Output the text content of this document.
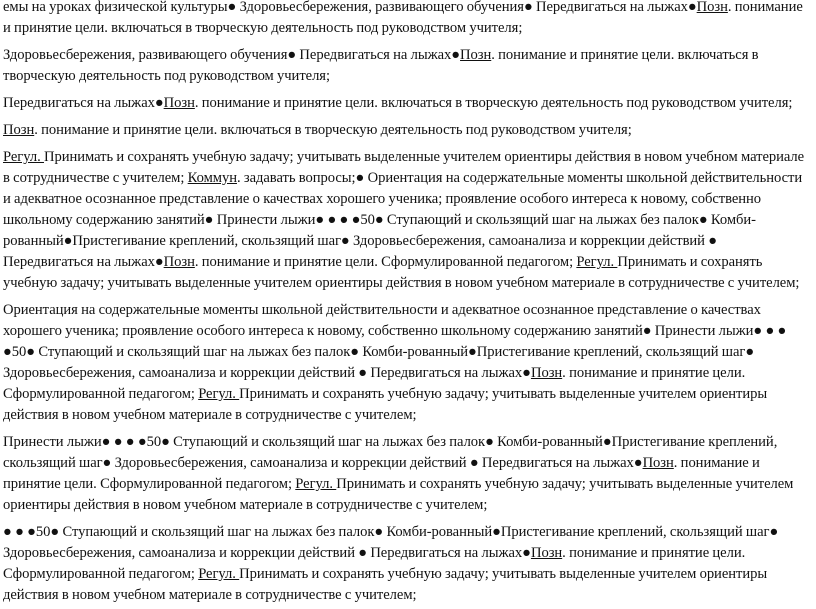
емы на уроках физической культуры● Здоровьесбережения, развивающего обучения● Передвигаться на лыжах●Позн. понимание и принятие цели. включаться в творческую деятельность под руководством учителя;

Здоровьесбережения, развивающего обучения● Передвигаться на лыжах●Позн. понимание и принятие цели. включаться в творческую деятельность под руководством учителя;

Передвигаться на лыжах●Позн. понимание и принятие цели. включаться в творческую деятельность под руководством учителя;

Позн. понимание и принятие цели. включаться в творческую деятельность под руководством учителя;

Регул. Принимать и сохранять учебную задачу; учитывать выделенные учителем ориентиры действия в новом учебном материале в сотрудничестве с учителем; Коммун. задавать вопросы;● Ориентация на содержательные моменты школьной действительности и адекватное осознанное представление о качествах хорошего ученика; проявление особого интереса к новому, собственно школьному содержанию занятий● Принести лыжи● ● ● ●50● Ступающий и скользящий шаг на лыжах без палок● Комби-рованный●Пристегивание креплений, скользящий шаг● Здоровьесбережения, самоанализа и коррекции действий ● Передвигаться на лыжах●Позн. понимание и принятие цели. Сформулированной педагогом; Регул. Принимать и сохранять учебную задачу; учитывать выделенные учителем ориентиры действия в новом учебном материале в сотрудничестве с учителем;

Ориентация на содержательные моменты школьной действительности и адекватное осознанное представление о качествах хорошего ученика; проявление особого интереса к новому, собственно школьному содержанию занятий● Принести лыжи● ● ● ●50● Ступающий и скользящий шаг на лыжах без палок● Комби-рованный●Пристегивание креплений, скользящий шаг● Здоровьесбережения, самоанализа и коррекции действий ● Передвигаться на лыжах●Позн. понимание и принятие цели. Сформулированной педагогом; Регул. Принимать и сохранять учебную задачу; учитывать выделенные учителем ориентиры действия в новом учебном материале в сотрудничестве с учителем;

Принести лыжи● ● ● ●50● Ступающий и скользящий шаг на лыжах без палок● Комби-рованный●Пристегивание креплений, скользящий шаг● Здоровьесбережения, самоанализа и коррекции действий ● Передвигаться на лыжах●Позн. понимание и принятие цели. Сформулированной педагогом; Регул. Принимать и сохранять учебную задачу; учитывать выделенные учителем ориентиры действия в новом учебном материале в сотрудничестве с учителем;

● ● ●50● Ступающий и скользящий шаг на лыжах без палок● Комби-рованный●Пристегивание креплений, скользящий шаг● Здоровьесбережения, самоанализа и коррекции действий ● Передвигаться на лыжах●Позн. понимание и принятие цели. Сформулированной педагогом; Регул. Принимать и сохранять учебную задачу; учитывать выделенные учителем ориентиры действия в новом учебном материале в сотрудничестве с учителем;
